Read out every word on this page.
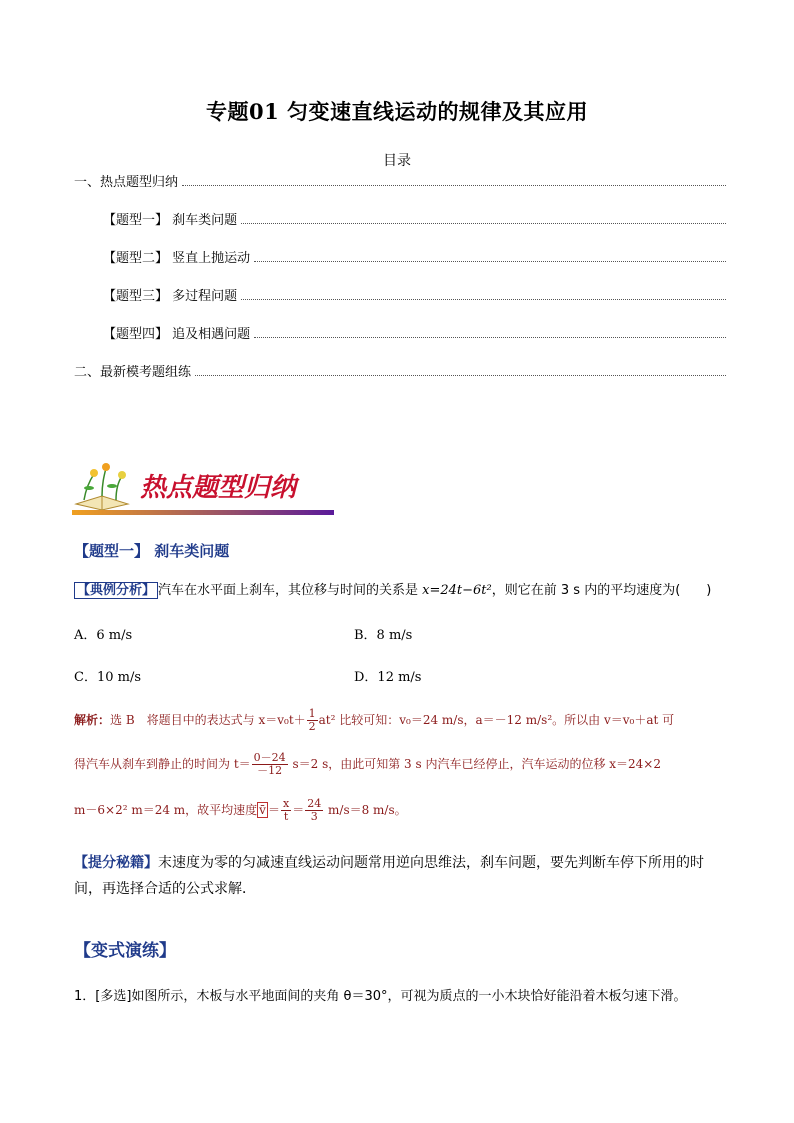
专题01 匀变速直线运动的规律及其应用
目录
一、热点题型归纳
【题型一】 刹车类问题
【题型二】 竖直上抛运动
【题型三】 多过程问题
【题型四】 追及相遇问题
二、最新模考题组练
热点题型归纳
【题型一】 刹车类问题
【典例分析】 汽车在水平面上刹车，其位移与时间的关系是 x=24t−6t²，则它在前 3 s 内的平均速度为(　　)
A．6 m/s	B．8 m/s
C．10 m/s	D．12 m/s
解析：选 B　将题目中的表达式与 $x=v_0t+ \frac{1}{2} at^2$ 比较可知：v₀＝24 m/s，a＝－12 m/s²。所以由 v＝v₀＋at 可
得汽车从刹车到静止的时间为 $t= \frac{0-24}{-12} s=2$ s，由此可知第 3 s 内汽车已经停止，汽车运动的位移 x＝24×2
m－6×2² m＝24 m，故平均速度 v̄ ＝ $\frac{x}{t} = \frac{24}{3} m/s=8$ m/s。
【提分秘籍】末速度为零的匀减速直线运动问题常用逆向思维法，刹车问题，要先判断车停下所用的时间，再选择合适的公式求解．
【变式演练】
1．[多选]如图所示，木板与水平地面间的夹角 θ＝30°，可视为质点的一小木块恰好能沿着木板匀速下滑。
